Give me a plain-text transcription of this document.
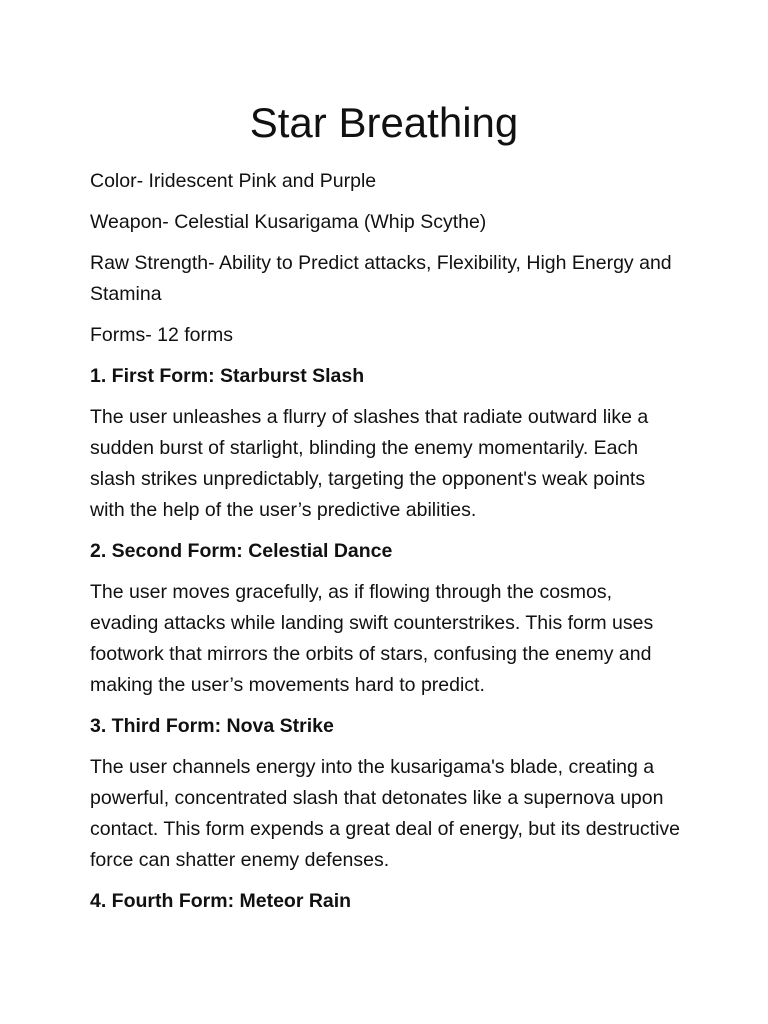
Star Breathing

Color- Iridescent Pink and Purple

Weapon- Celestial Kusarigama (Whip Scythe)

Raw Strength- Ability to Predict attacks, Flexibility, High Energy and Stamina

Forms- 12 forms

1. First Form: Starburst Slash

The user unleashes a flurry of slashes that radiate outward like a sudden burst of starlight, blinding the enemy momentarily. Each slash strikes unpredictably, targeting the opponent's weak points with the help of the user’s predictive abilities.

2. Second Form: Celestial Dance

The user moves gracefully, as if flowing through the cosmos, evading attacks while landing swift counterstrikes. This form uses footwork that mirrors the orbits of stars, confusing the enemy and making the user’s movements hard to predict.

3. Third Form: Nova Strike

The user channels energy into the kusarigama's blade, creating a powerful, concentrated slash that detonates like a supernova upon contact. This form expends a great deal of energy, but its destructive force can shatter enemy defenses.

4. Fourth Form: Meteor Rain
